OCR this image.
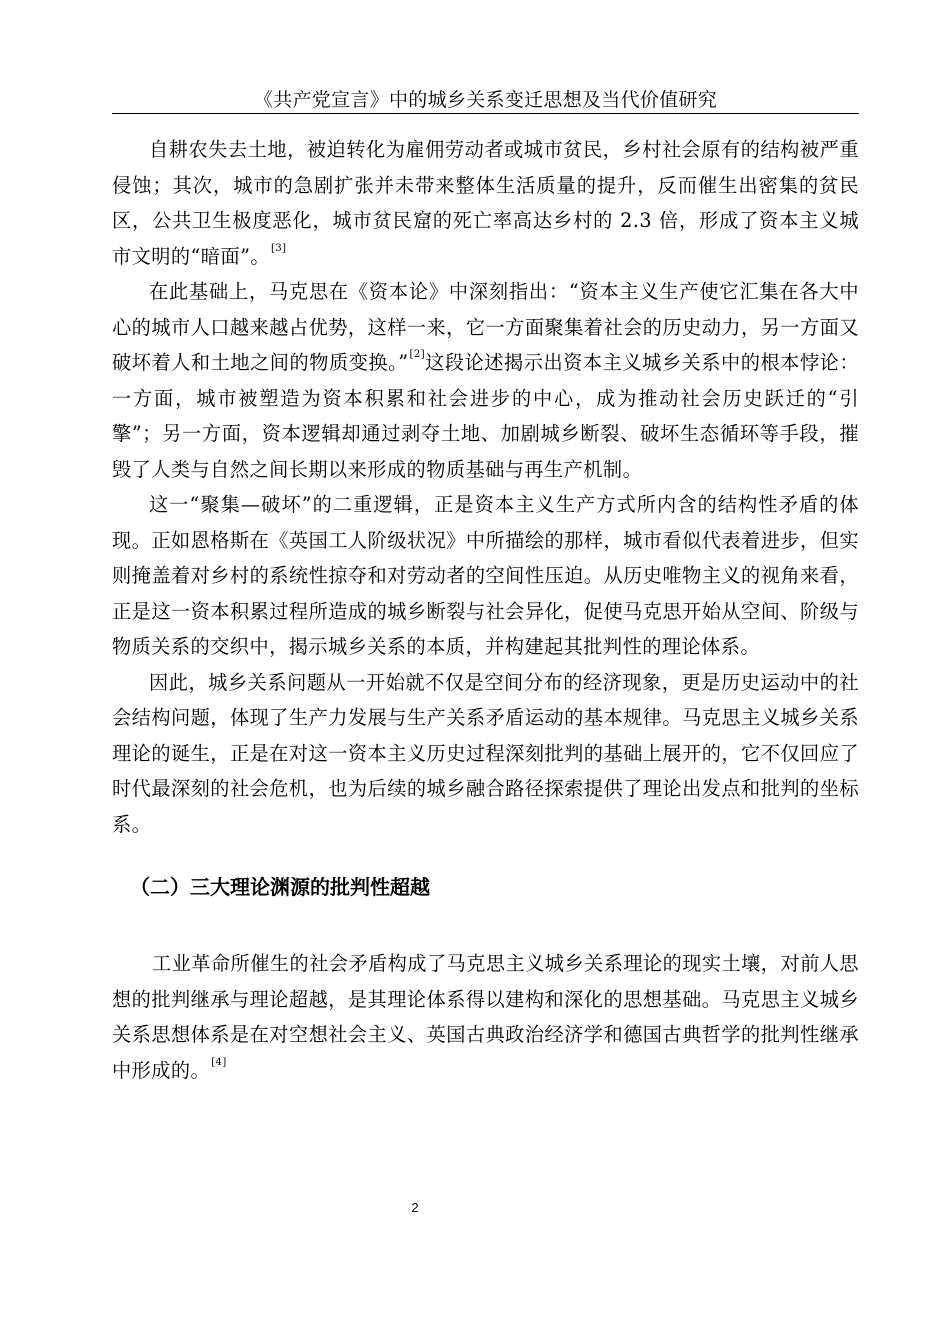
《共产党宣言》中的城乡关系变迁思想及当代价值研究

自耕农失去土地，被迫转化为雇佣劳动者或城市贫民，乡村社会原有的结构被严重侵蚀；其次，城市的急剧扩张并未带来整体生活质量的提升，反而催生出密集的贫民区，公共卫生极度恶化，城市贫民窟的死亡率高达乡村的 2.3 倍，形成了资本主义城市文明的“暗面”。[3]

在此基础上，马克思在《资本论》中深刻指出：“资本主义生产使它汇集在各大中心的城市人口越来越占优势，这样一来，它一方面聚集着社会的历史动力，另一方面又破坏着人和土地之间的物质变换。”[2]这段论述揭示出资本主义城乡关系中的根本悖论：一方面，城市被塑造为资本积累和社会进步的中心，成为推动社会历史跃迁的“引擎”；另一方面，资本逻辑却通过剥夺土地、加剧城乡断裂、破坏生态循环等手段，摧毁了人类与自然之间长期以来形成的物质基础与再生产机制。

这一“聚集—破坏”的二重逻辑，正是资本主义生产方式所内含的结构性矛盾的体现。正如恩格斯在《英国工人阶级状况》中所描绘的那样，城市看似代表着进步，但实则掩盖着对乡村的系统性掠夺和对劳动者的空间性压迫。从历史唯物主义的视角来看，正是这一资本积累过程所造成的城乡断裂与社会异化，促使马克思开始从空间、阶级与物质关系的交织中，揭示城乡关系的本质，并构建起其批判性的理论体系。

因此，城乡关系问题从一开始就不仅是空间分布的经济现象，更是历史运动中的社会结构问题，体现了生产力发展与生产关系矛盾运动的基本规律。马克思主义城乡关系理论的诞生，正是在对这一资本主义历史过程深刻批判的基础上展开的，它不仅回应了时代最深刻的社会危机，也为后续的城乡融合路径探索提供了理论出发点和批判的坐标系。

（二）三大理论渊源的批判性超越

工业革命所催生的社会矛盾构成了马克思主义城乡关系理论的现实土壤，对前人思想的批判继承与理论超越，是其理论体系得以建构和深化的思想基础。马克思主义城乡关系思想体系是在对空想社会主义、英国古典政治经济学和德国古典哲学的批判性继承中形成的。[4]

2
